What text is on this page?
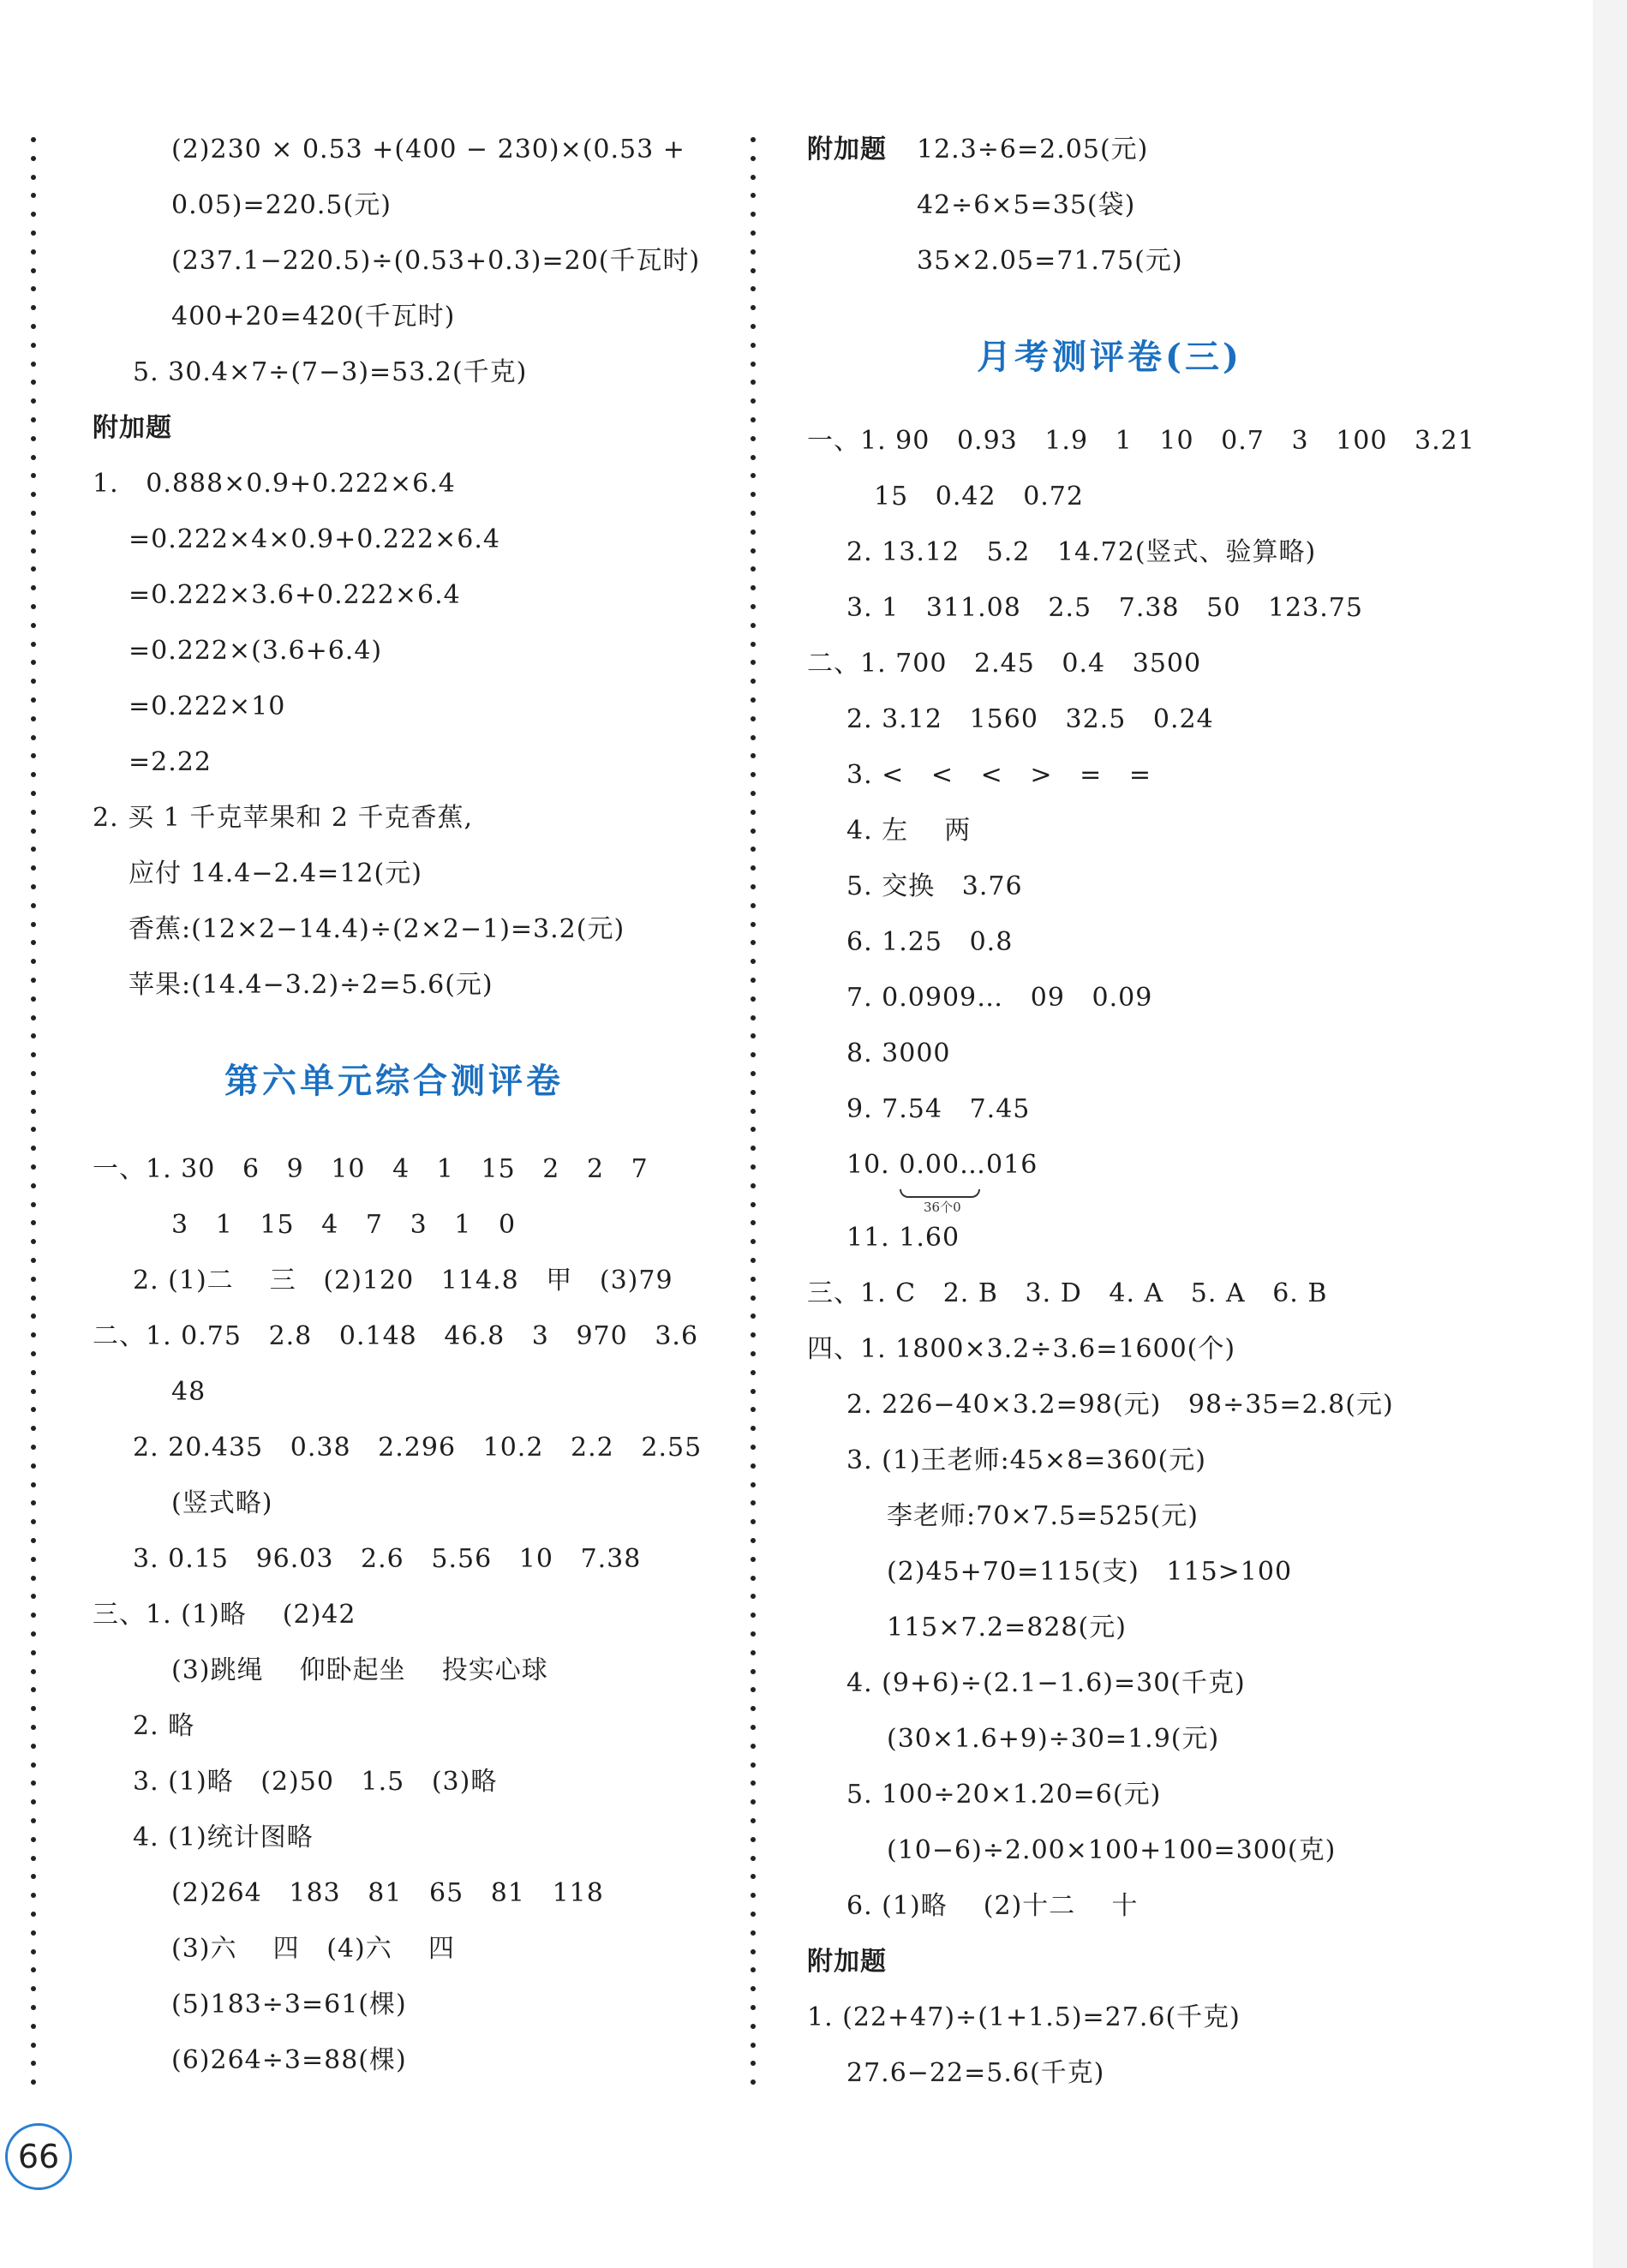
(2)230 × 0.53 +(400 − 230)×(0.53 +
0.05)=220.5(元)
(237.1−220.5)÷(0.53+0.3)=20(千瓦时)
400+20=420(千瓦时)
5. 30.4×7÷(7−3)=53.2(千克)
附加题
1.   0.888×0.9+0.222×6.4
=0.222×4×0.9+0.222×6.4
=0.222×3.6+0.222×6.4
=0.222×(3.6+6.4)
=0.222×10
=2.22
2. 买 1 千克苹果和 2 千克香蕉,
应付 14.4−2.4=12(元)
香蕉:(12×2−14.4)÷(2×2−1)=3.2(元)
苹果:(14.4−3.2)÷2=5.6(元)
第六单元综合测评卷
一、1. 30   6   9   10   4   1   15   2   2   7
3   1   15   4   7   3   1   0
2. (1)二    三   (2)120   114.8   甲   (3)79
二、1. 0.75   2.8   0.148   46.8   3   970   3.6
48
2. 20.435   0.38   2.296   10.2   2.2   2.55
(竖式略)
3. 0.15   96.03   2.6   5.56   10   7.38
三、1. (1)略    (2)42
(3)跳绳    仰卧起坐    投实心球
2. 略
3. (1)略   (2)50   1.5   (3)略
4. (1)统计图略
(2)264   183   81   65   81   118
(3)六    四   (4)六    四
(5)183÷3=61(棵)
(6)264÷3=88(棵)
附加题 12.3÷6=2.05(元)
42÷6×5=35(袋)
35×2.05=71.75(元)
月考测评卷(三)
一、1. 90   0.93   1.9   1   10   0.7   3   100   3.21
15   0.42   0.72
2. 13.12   5.2   14.72(竖式、验算略)
3. 1   311.08   2.5   7.38   50   123.75
二、1. 700   2.45   0.4   3500
2. 3.12   1560   32.5   0.24
3. <   <   <   >   =   =
4. 左    两
5. 交换   3.76
6. 1.25   0.8
7. 0.0909…   09   0.09
8. 3000
9. 7.54   7.45
10. 0.00…016
36个0
11. 1.60
三、1. C   2. B   3. D   4. A   5. A   6. B
四、1. 1800×3.2÷3.6=1600(个)
2. 226−40×3.2=98(元)   98÷35=2.8(元)
3. (1)王老师:45×8=360(元)
李老师:70×7.5=525(元)
(2)45+70=115(支)   115>100
115×7.2=828(元)
4. (9+6)÷(2.1−1.6)=30(千克)
(30×1.6+9)÷30=1.9(元)
5. 100÷20×1.20=6(元)
(10−6)÷2.00×100+100=300(克)
6. (1)略    (2)十二    十
附加题
1. (22+47)÷(1+1.5)=27.6(千克)
27.6−22=5.6(千克)
66
